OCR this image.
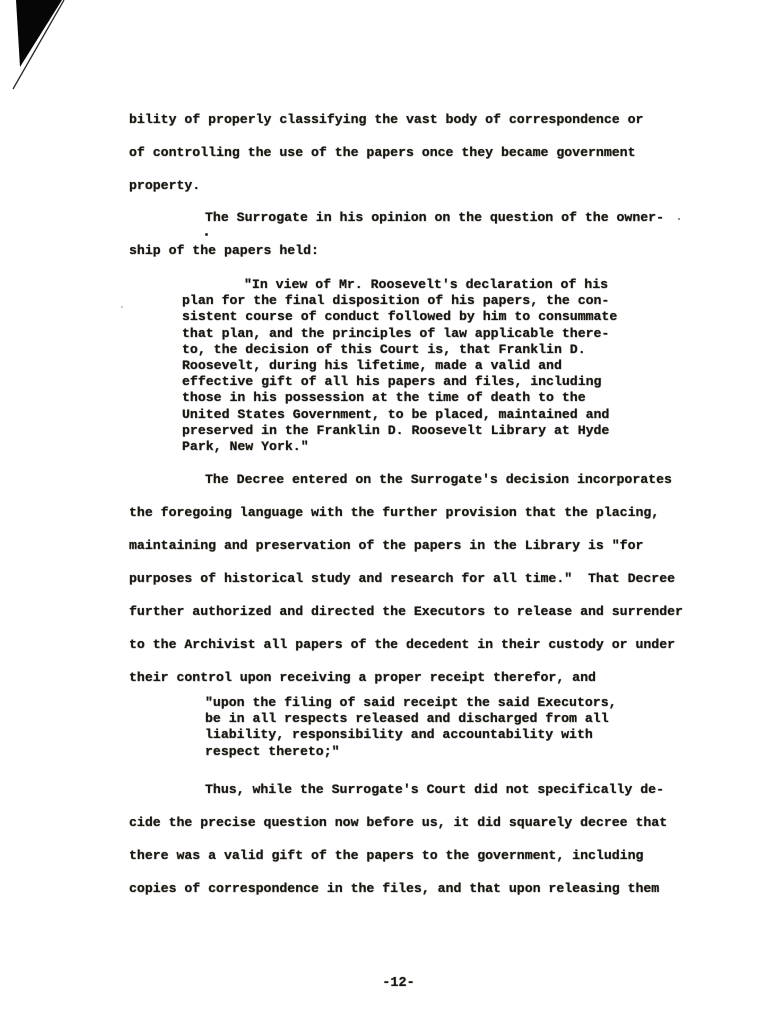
bility of properly classifying the vast body of correspondence or
of controlling the use of the papers once they became government
property.
The Surrogate in his opinion on the question of the owner-
ship of the papers held:
"In view of Mr. Roosevelt's declaration of his
plan for the final disposition of his papers, the con-
sistent course of conduct followed by him to consummate
that plan, and the principles of law applicable there-
to, the decision of this Court is, that Franklin D.
Roosevelt, during his lifetime, made a valid and
effective gift of all his papers and files, including
those in his possession at the time of death to the
United States Government, to be placed, maintained and
preserved in the Franklin D. Roosevelt Library at Hyde
Park, New York."
The Decree entered on the Surrogate's decision incorporates
the foregoing language with the further provision that the placing,
maintaining and preservation of the papers in the Library is "for
purposes of historical study and research for all time."  That Decree
further authorized and directed the Executors to release and surrender
to the Archivist all papers of the decedent in their custody or under
their control upon receiving a proper receipt therefor, and
"upon the filing of said receipt the said Executors,
be in all respects released and discharged from all
liability, responsibility and accountability with
respect thereto;"
Thus, while the Surrogate's Court did not specifically de-
cide the precise question now before us, it did squarely decree that
there was a valid gift of the papers to the government, including
copies of correspondence in the files, and that upon releasing them
-12-
